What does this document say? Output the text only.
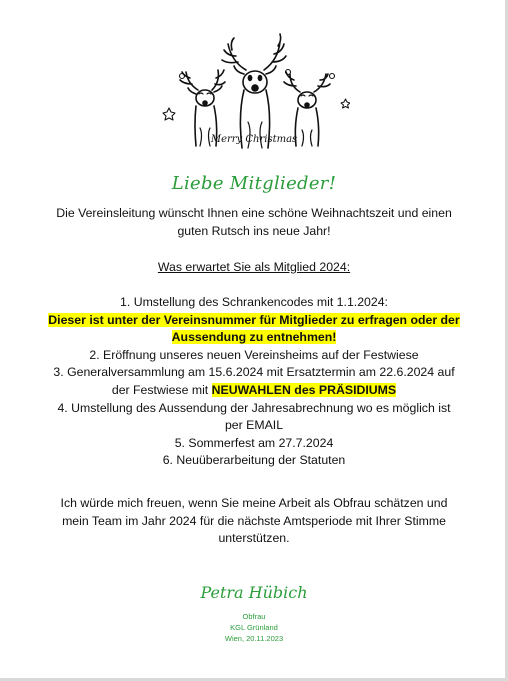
Merry Christmas
Liebe Mitglieder!
Die Vereinsleitung wünscht Ihnen eine schöne Weihnachtszeit und einen
guten Rutsch ins neue Jahr!
Was erwartet Sie als Mitglied 2024:
1. Umstellung des Schrankencodes mit 1.1.2024:
Dieser ist unter der Vereinsnummer für Mitglieder zu erfragen oder der
Aussendung zu entnehmen!
2. Eröffnung unseres neuen Vereinsheims auf der Festwiese
3. Generalversammlung am 15.6.2024 mit Ersatztermin am 22.6.2024 auf
der Festwiese mit NEUWAHLEN des PRÄSIDIUMS
4. Umstellung des Aussendung der Jahresabrechnung wo es möglich ist
per EMAIL
5. Sommerfest am 27.7.2024
6. Neuüberarbeitung der Statuten
Ich würde mich freuen, wenn Sie meine Arbeit als Obfrau schätzen und
mein Team im Jahr 2024 für die nächste Amtsperiode mit Ihrer Stimme
unterstützen.
Petra Hübich
Obfrau
KGL Grünland
Wien, 20.11.2023
